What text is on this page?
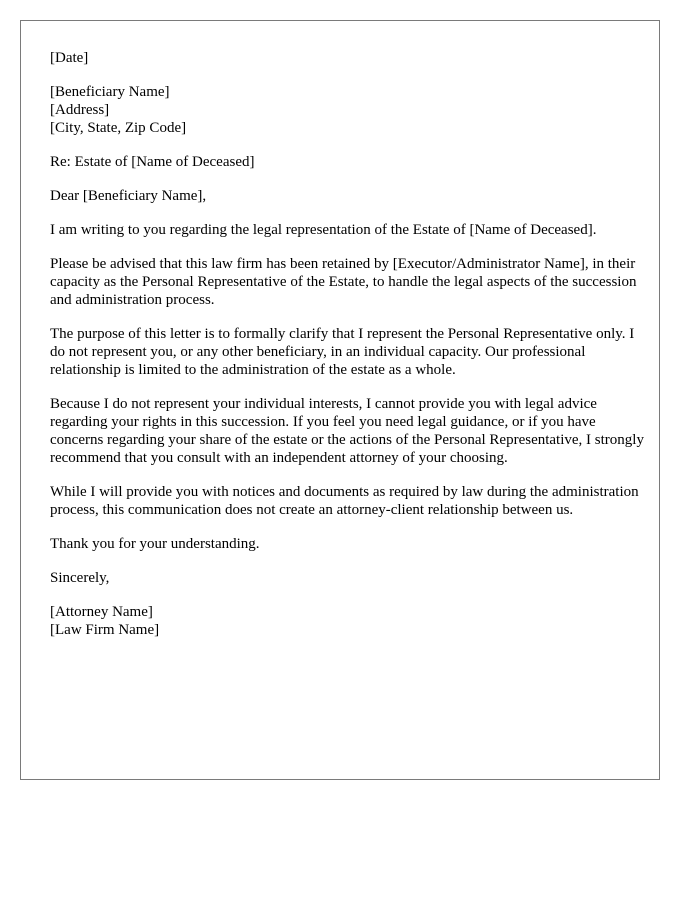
[Date]
[Beneficiary Name]
[Address]
[City, State, Zip Code]
Re: Estate of [Name of Deceased]
Dear [Beneficiary Name],

I am writing to you regarding the legal representation of the Estate of [Name of Deceased].

Please be advised that this law firm has been retained by [Executor/Administrator Name], in their capacity as the Personal Representative of the Estate, to handle the legal aspects of the succession and administration process.

The purpose of this letter is to formally clarify that I represent the Personal Representative only. I do not represent you, or any other beneficiary, in an individual capacity. Our professional relationship is limited to the administration of the estate as a whole.

Because I do not represent your individual interests, I cannot provide you with legal advice regarding your rights in this succession. If you feel you need legal guidance, or if you have concerns regarding your share of the estate or the actions of the Personal Representative, I strongly recommend that you consult with an independent attorney of your choosing.

While I will provide you with notices and documents as required by law during the administration process, this communication does not create an attorney-client relationship between us.

Thank you for your understanding.
Sincerely,
[Attorney Name]
[Law Firm Name]
